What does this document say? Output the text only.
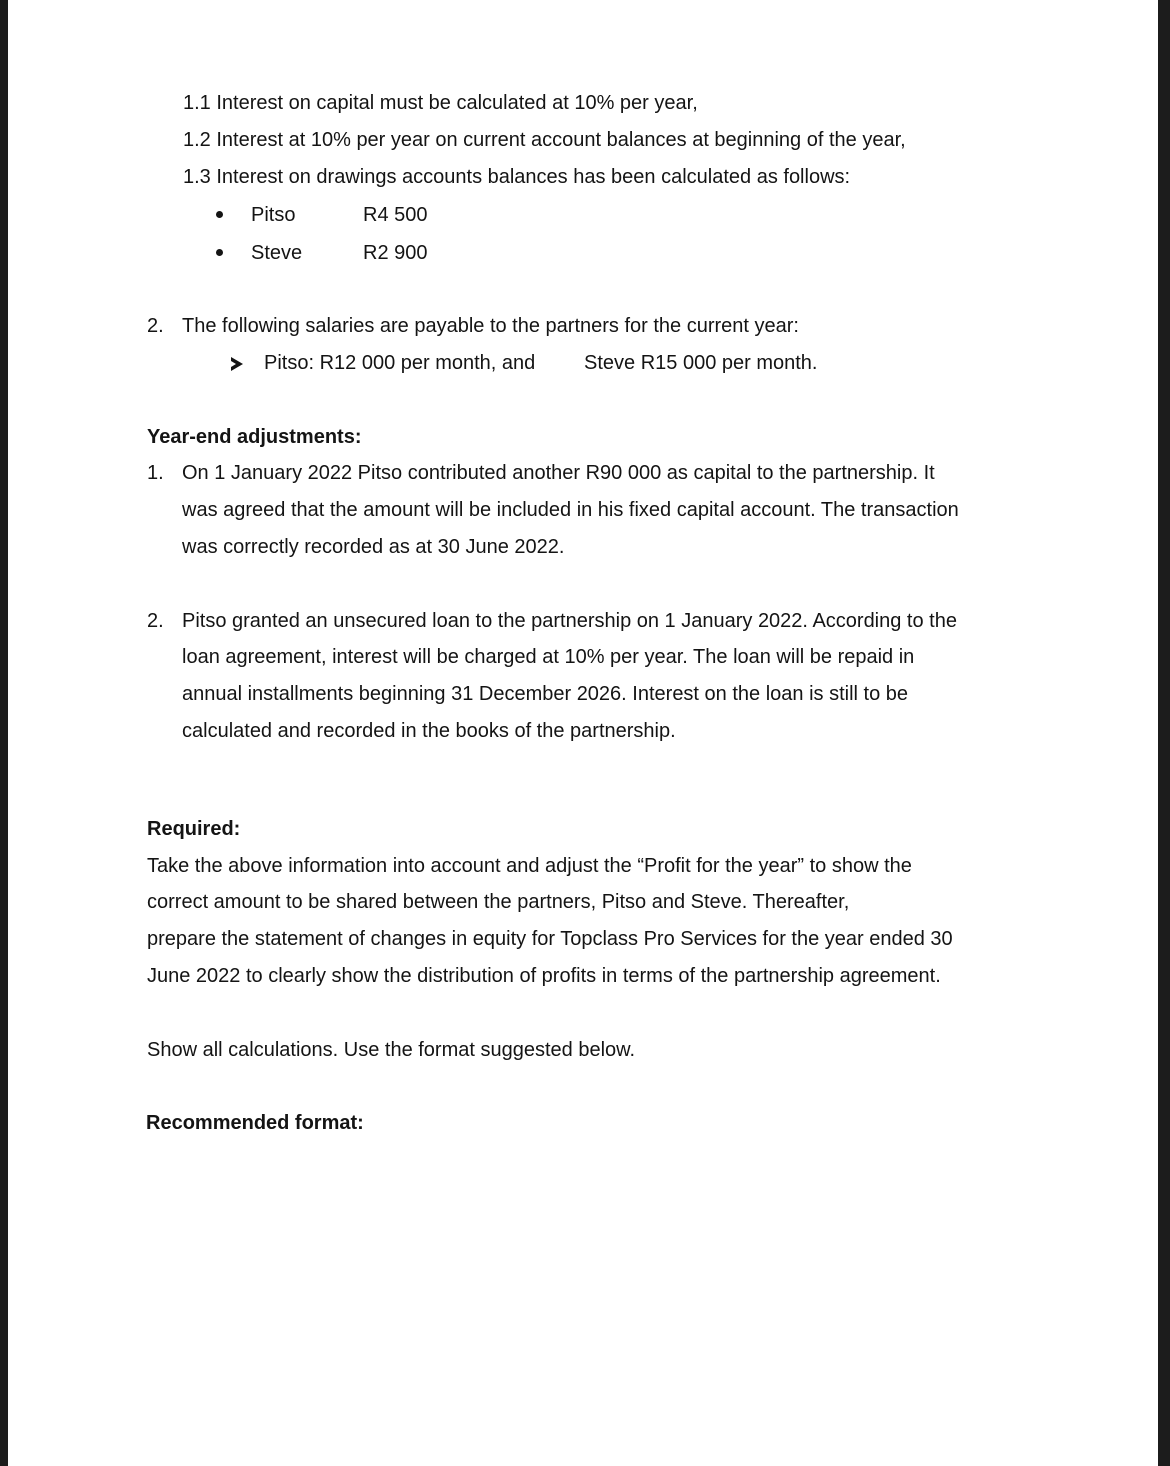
1.1 Interest on capital must be calculated at 10% per year,
1.2 Interest at 10% per year on current account balances at beginning of the year,
1.3 Interest on drawings accounts balances has been calculated as follows:
Pitso	R4 500
Steve	R2 900
2. The following salaries are payable to the partners for the current year:
Pitso: R12 000 per month, and Steve R15 000 per month.
Year-end adjustments:
1. On 1 January 2022 Pitso contributed another R90 000 as capital to the partnership. It
was agreed that the amount will be included in his fixed capital account. The transaction
was correctly recorded as at 30 June 2022.
2. Pitso granted an unsecured loan to the partnership on 1 January 2022. According to the
loan agreement, interest will be charged at 10% per year. The loan will be repaid in
annual installments beginning 31 December 2026. Interest on the loan is still to be
calculated and recorded in the books of the partnership.
Required:
Take the above information into account and adjust the “Profit for the year” to show the
correct amount to be shared between the partners, Pitso and Steve. Thereafter,
prepare the statement of changes in equity for Topclass Pro Services for the year ended 30
June 2022 to clearly show the distribution of profits in terms of the partnership agreement.
Show all calculations. Use the format suggested below.
Recommended format:
